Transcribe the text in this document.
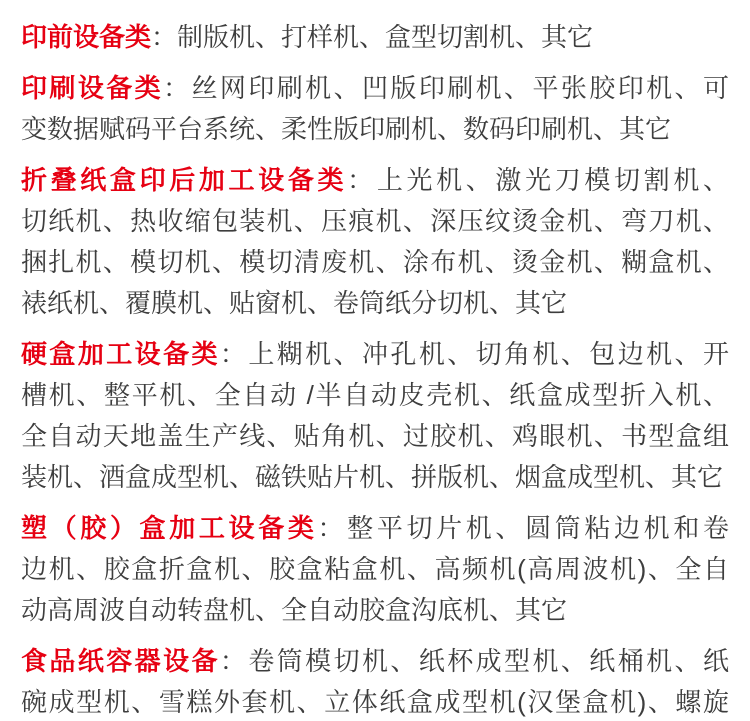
印前设备类：制版机、打样机、盒型切割机、其它
印刷设备类：丝网印刷机、凹版印刷机、平张胶印机、可
变数据赋码平台系统、柔性版印刷机、数码印刷机、其它
折叠纸盒印后加工设备类：上光机、激光刀模切割机、
切纸机、热收缩包装机、压痕机、深压纹烫金机、弯刀机、
捆扎机、模切机、模切清废机、涂布机、烫金机、糊盒机、
裱纸机、覆膜机、贴窗机、卷筒纸分切机、其它
硬盒加工设备类：上糊机、冲孔机、切角机、包边机、开
槽机、整平机、全自动 /半自动皮壳机、纸盒成型折入机、
全自动天地盖生产线、贴角机、过胶机、鸡眼机、书型盒组
装机、酒盒成型机、磁铁贴片机、拼版机、烟盒成型机、其它
塑（胶）盒加工设备类：整平切片机、圆筒粘边机和卷
边机、胶盒折盒机、胶盒粘盒机、高频机(高周波机)、全自
动高周波自动转盘机、全自动胶盒沟底机、其它
食品纸容器设备：卷筒模切机、纸杯成型机、纸桶机、纸
碗成型机、雪糕外套机、立体纸盒成型机(汉堡盒机)、螺旋
